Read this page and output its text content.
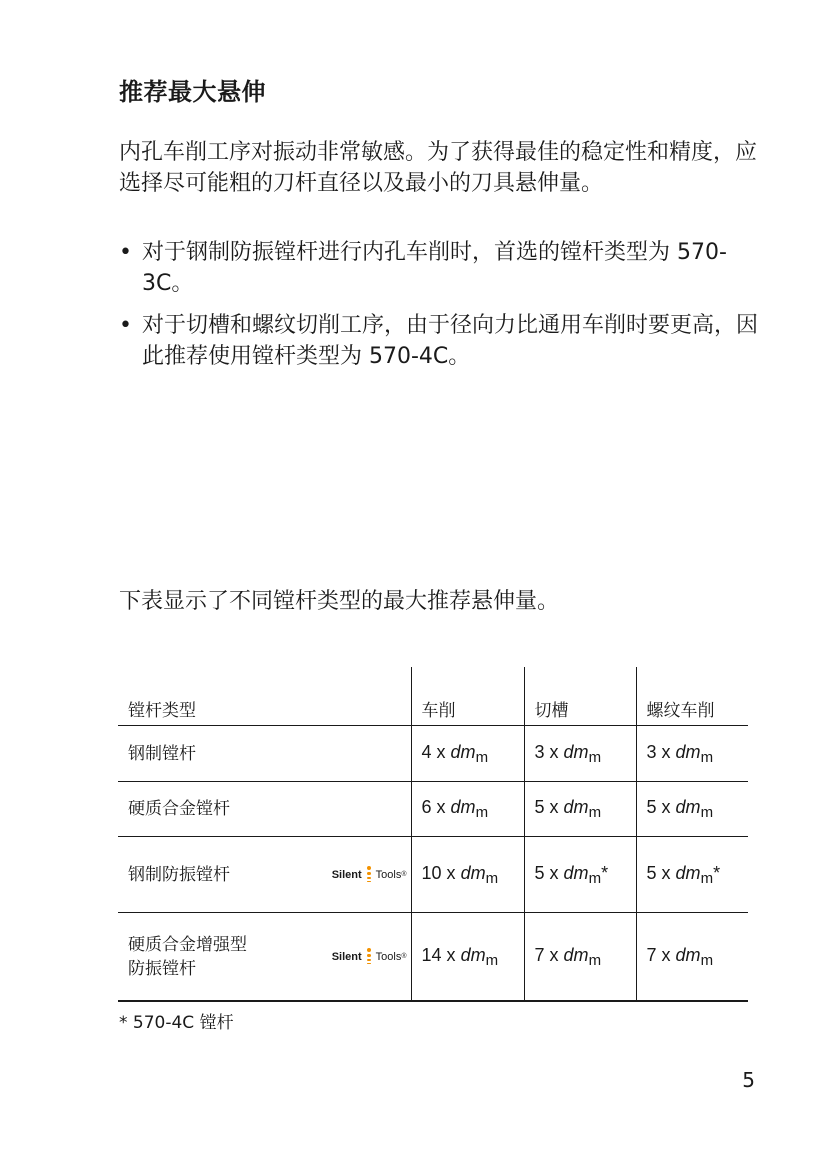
推荐最大悬伸
内孔车削工序对振动非常敏感。为了获得最佳的稳定性和精度，应选择尽可能粗的刀杆直径以及最小的刀具悬伸量。
• 对于钢制防振镗杆进行内孔车削时，首选的镗杆类型为 570-3C。
• 对于切槽和螺纹切削工序，由于径向力比通用车削时要更高，因此推荐使用镗杆类型为 570-4C。
下表显示了不同镗杆类型的最大推荐悬伸量。
镗杆类型	车削	切槽	螺纹车削

钢制镗杆	4 x $dm_m$	3 x $dm_m$	3 x $dm_m$

硬质合金镗杆	6 x $dm_m$	5 x $dm_m$	5 x $dm_m$

钢制防振镗杆 Silent Tools ®	10 x $dm_m$	5 x $dm_m*$	5 x $dm_m*$

硬质合金增强型
防振镗杆
Silent Tools ®	14 x $dm_m$	7 x $dm_m$	7 x $dm_m$
* 570-4C 镗杆
5
